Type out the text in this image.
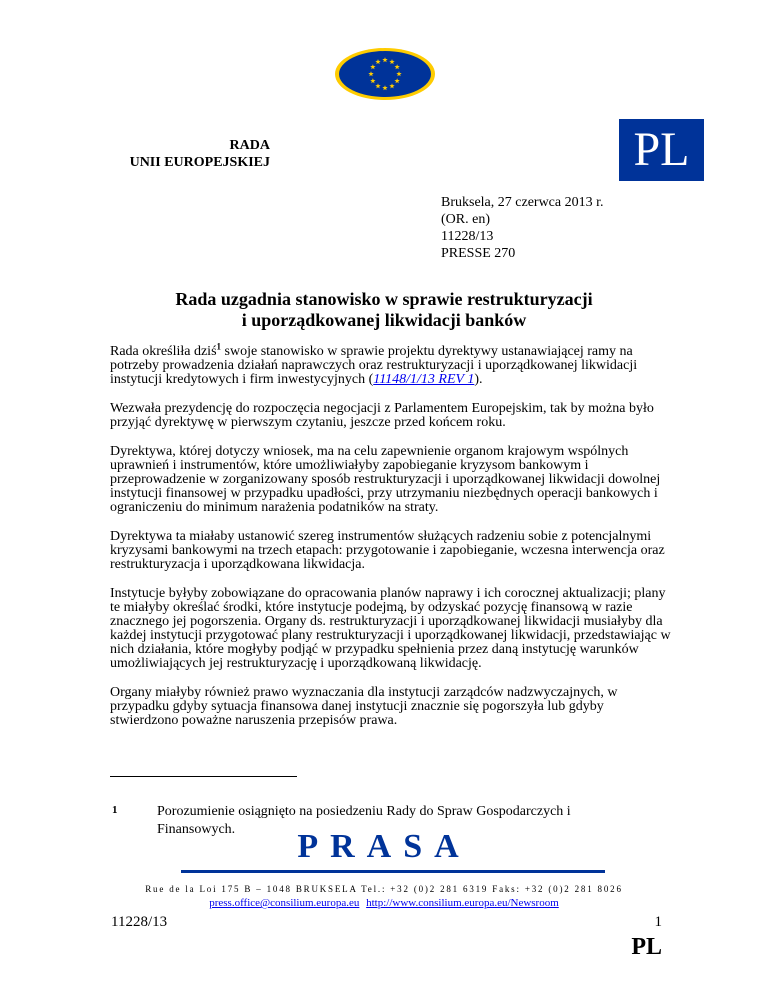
RADA
UNII EUROPEJSKIEJ	PL
Bruksela, 27 czerwca 2013 r.
(OR. en)
11228/13
PRESSE 270
Rada uzgadnia stanowisko w sprawie restrukturyzacji
i uporządkowanej likwidacji banków

Rada określiła dziś$^1$ swoje stanowisko w sprawie projektu dyrektywy ustanawiającej ramy na potrzeby prowadzenia działań naprawczych oraz restrukturyzacji i uporządkowanej likwidacji instytucji kredytowych i firm inwestycyjnych (11148/1/13 REV 1).

Wezwała prezydencję do rozpoczęcia negocjacji z Parlamentem Europejskim, tak by można było przyjąć dyrektywę w pierwszym czytaniu, jeszcze przed końcem roku.

Dyrektywa, której dotyczy wniosek, ma na celu zapewnienie organom krajowym wspólnych uprawnień i instrumentów, które umożliwiałyby zapobieganie kryzysom bankowym i przeprowadzenie w zorganizowany sposób restrukturyzacji i uporządkowanej likwidacji dowolnej instytucji finansowej w przypadku upadłości, przy utrzymaniu niezbędnych operacji bankowych i ograniczeniu do minimum narażenia podatników na straty.

Dyrektywa ta miałaby ustanowić szereg instrumentów służących radzeniu sobie z potencjalnymi kryzysami bankowymi na trzech etapach: przygotowanie i zapobieganie, wczesna interwencja oraz restrukturyzacja i uporządkowana likwidacja.

Instytucje byłyby zobowiązane do opracowania planów naprawy i ich corocznej aktualizacji; plany te miałyby określać środki, które instytucje podejmą, by odzyskać pozycję finansową w razie znacznego jej pogorszenia. Organy ds. restrukturyzacji i uporządkowanej likwidacji musiałyby dla każdej instytucji przygotować plany restrukturyzacji i uporządkowanej likwidacji, przedstawiając w nich działania, które mogłyby podjąć w przypadku spełnienia przez daną instytucję warunków umożliwiających jej restrukturyzację i uporządkowaną likwidację.

Organy miałyby również prawo wyznaczania dla instytucji zarządców nadzwyczajnych, w przypadku gdyby sytuacja finansowa danej instytucji znacznie się pogorszyła lub gdyby stwierdzono poważne naruszenia przepisów prawa.

1	Porozumienie osiągnięto na posiedzeniu Rady do Spraw Gospodarczych i Finansowych.	PRASA
Rue de la Loi 175 B – 1048 BRUKSELA Tel.: +32 (0)2 281 6319 Faks: +32 (0)2 281 8026
press.office@consilium.europa.eu http://www.consilium.europa.eu/Newsroom
11228/13	1
PL
